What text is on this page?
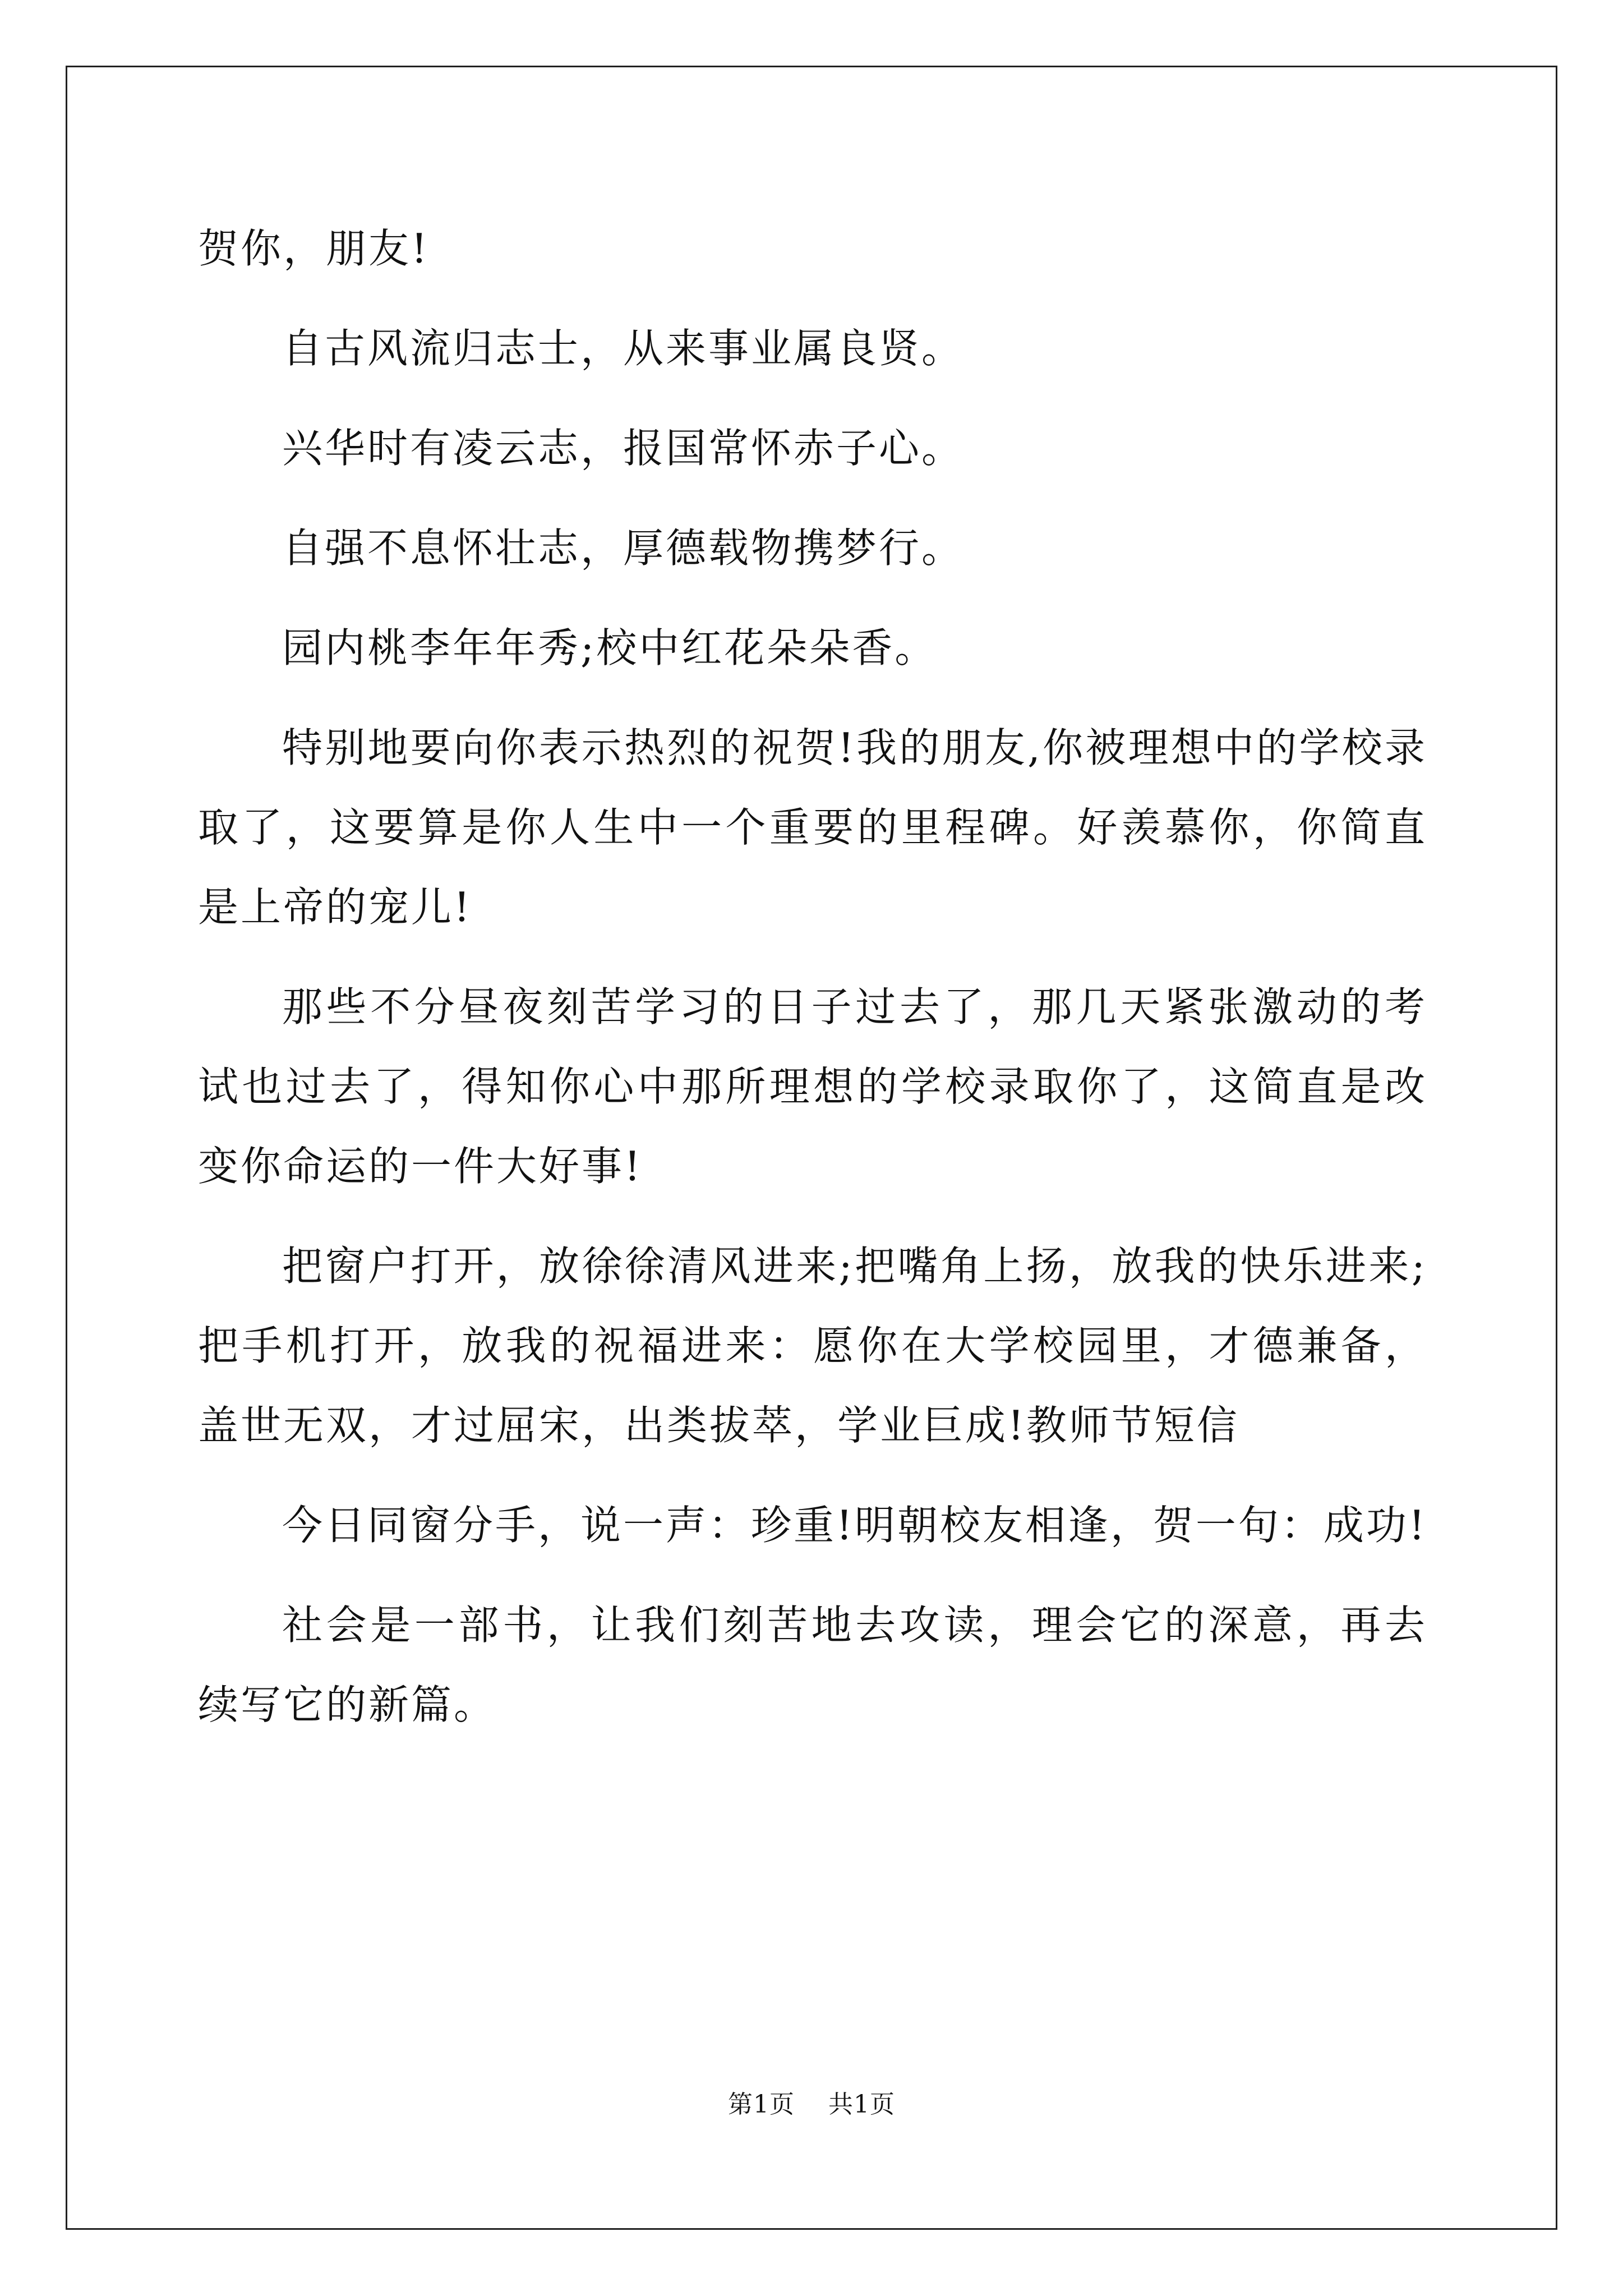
贺你，朋友!

自古风流归志士，从来事业属良贤。

兴华时有凌云志，报国常怀赤子心。

自强不息怀壮志，厚德载物携梦行。

园内桃李年年秀;校中红花朵朵香。

特别地要向你表示热烈的祝贺!我的朋友,你被理想中的学校录取了，这要算是你人生中一个重要的里程碑。好羡慕你，你简直是上帝的宠儿!

那些不分昼夜刻苦学习的日子过去了，那几天紧张激动的考试也过去了，得知你心中那所理想的学校录取你了，这简直是改变你命运的一件大好事!

把窗户打开，放徐徐清风进来;把嘴角上扬，放我的快乐进来;把手机打开，放我的祝福进来：愿你在大学校园里，才德兼备，盖世无双，才过屈宋，出类拔萃，学业巨成!教师节短信

今日同窗分手，说一声：珍重!明朝校友相逢，贺一句：成功!

社会是一部书，让我们刻苦地去攻读，理会它的深意，再去续写它的新篇。

第1页 共1页
